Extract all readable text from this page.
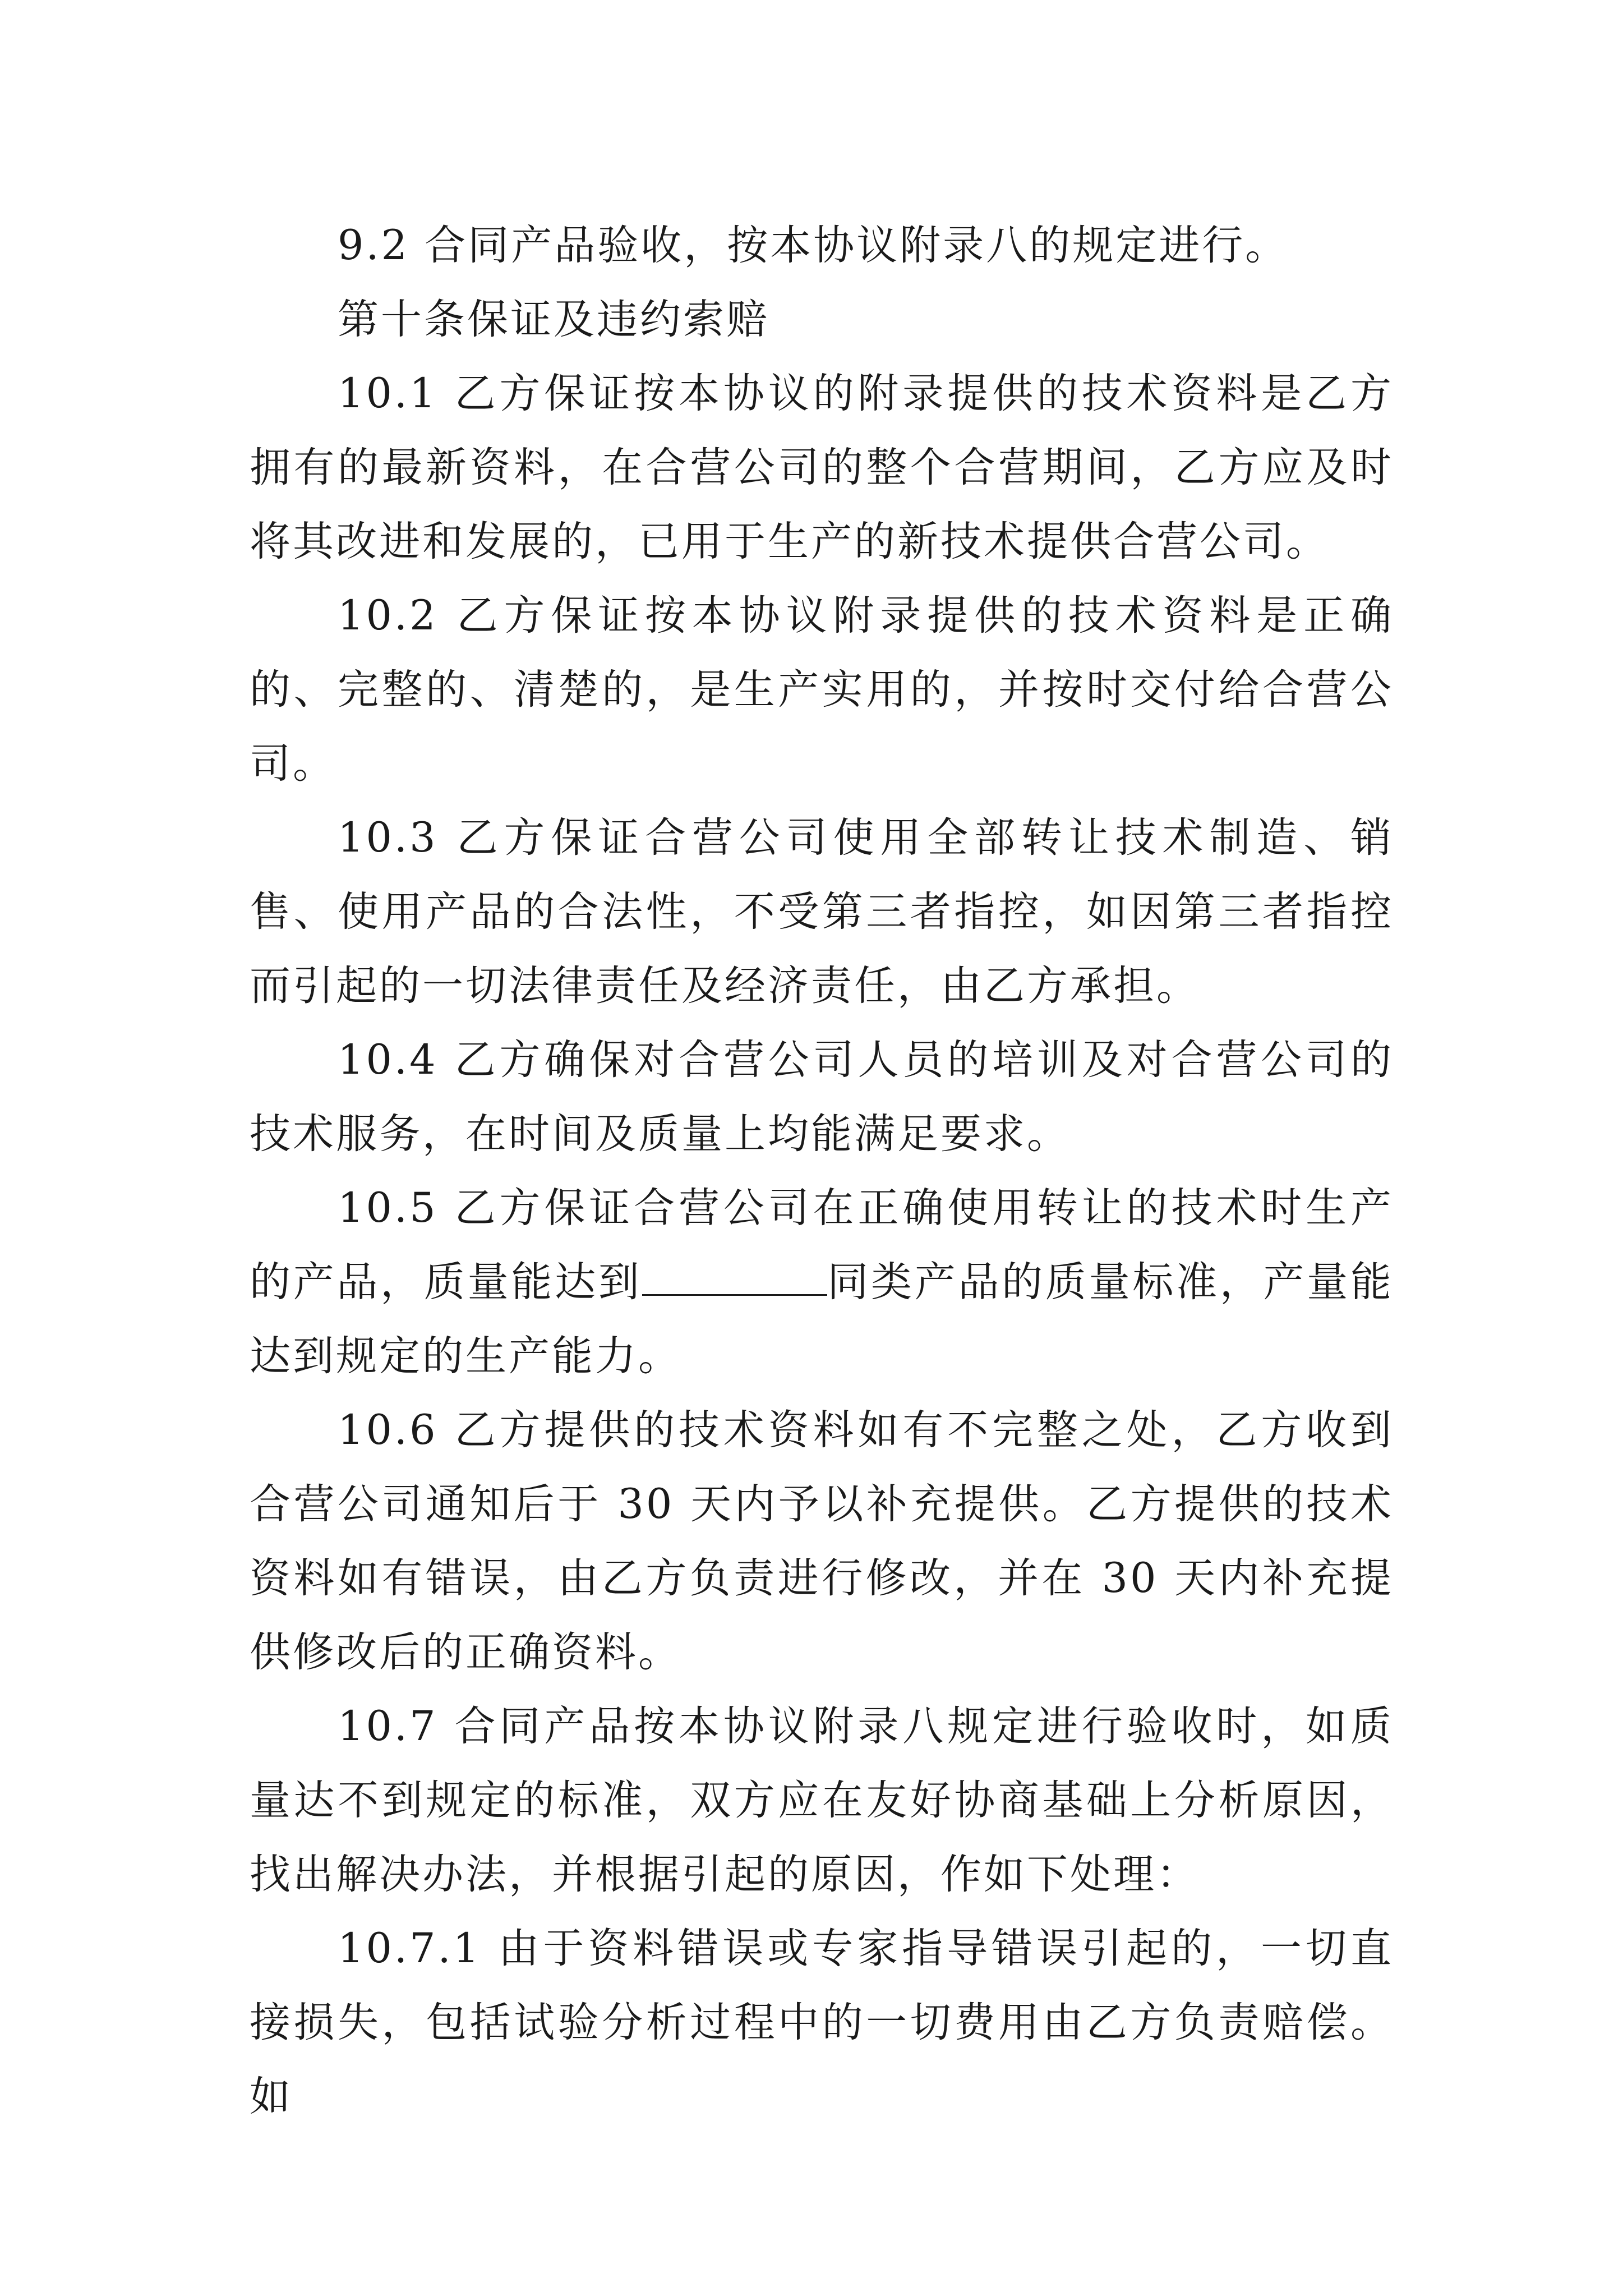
9.2 合同产品验收，按本协议附录八的规定进行。

第十条保证及违约索赔

10.1 乙方保证按本协议的附录提供的技术资料是乙方拥有的最新资料，在合营公司的整个合营期间，乙方应及时将其改进和发展的，已用于生产的新技术提供合营公司。

10.2 乙方保证按本协议附录提供的技术资料是正确的、完整的、清楚的，是生产实用的，并按时交付给合营公司。

10.3 乙方保证合营公司使用全部转让技术制造、销售、使用产品的合法性，不受第三者指控，如因第三者指控而引起的一切法律责任及经济责任，由乙方承担。

10.4 乙方确保对合营公司人员的培训及对合营公司的技术服务，在时间及质量上均能满足要求。

10.5 乙方保证合营公司在正确使用转让的技术时生产的产品，质量能达到	同类产品的质量标准，产量能达到规定的生产能力。

10.6 乙方提供的技术资料如有不完整之处，乙方收到合营公司通知后于 30 天内予以补充提供。乙方提供的技术资料如有错误，由乙方负责进行修改，并在 30 天内补充提供修改后的正确资料。

10.7 合同产品按本协议附录八规定进行验收时，如质量达不到规定的标准，双方应在友好协商基础上分析原因，找出解决办法，并根据引起的原因，作如下处理：

10.7.1 由于资料错误或专家指导错误引起的，一切直接损失，包括试验分析过程中的一切费用由乙方负责赔偿。如
